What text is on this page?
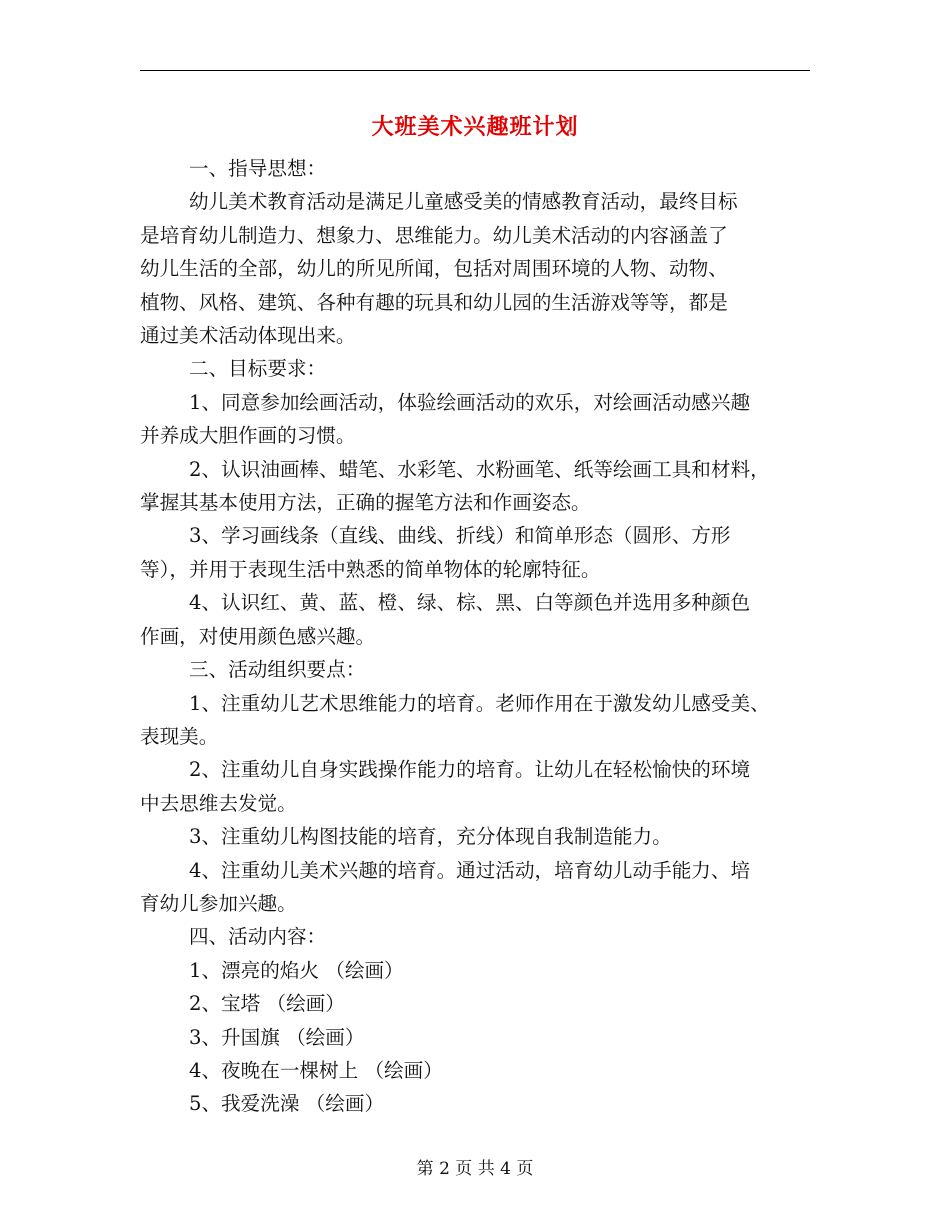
大班美术兴趣班计划

一、指导思想：

幼儿美术教育活动是满足儿童感受美的情感教育活动，最终目标

是培育幼儿制造力、想象力、思维能力。幼儿美术活动的内容涵盖了

幼儿生活的全部，幼儿的所见所闻，包括对周围环境的人物、动物、

植物、风格、建筑、各种有趣的玩具和幼儿园的生活游戏等等，都是

通过美术活动体现出来。

二、目标要求：

1、同意参加绘画活动，体验绘画活动的欢乐，对绘画活动感兴趣

并养成大胆作画的习惯。

2、认识油画棒、蜡笔、水彩笔、水粉画笔、纸等绘画工具和材料，

掌握其基本使用方法，正确的握笔方法和作画姿态。

3、学习画线条（直线、曲线、折线）和简单形态（圆形、方形

等），并用于表现生活中熟悉的简单物体的轮廓特征。

4、认识红、黄、蓝、橙、绿、棕、黑、白等颜色并选用多种颜色

作画，对使用颜色感兴趣。

三、活动组织要点：

1、注重幼儿艺术思维能力的培育。老师作用在于激发幼儿感受美、

表现美。

2、注重幼儿自身实践操作能力的培育。让幼儿在轻松愉快的环境

中去思维去发觉。

3、注重幼儿构图技能的培育，充分体现自我制造能力。

4、注重幼儿美术兴趣的培育。通过活动，培育幼儿动手能力、培

育幼儿参加兴趣。

四、活动内容：

1、漂亮的焰火 （绘画）

2、宝塔 （绘画）

3、升国旗 （绘画）

4、夜晚在一棵树上 （绘画）

5、我爱洗澡 （绘画）

第 2 页 共 4 页
